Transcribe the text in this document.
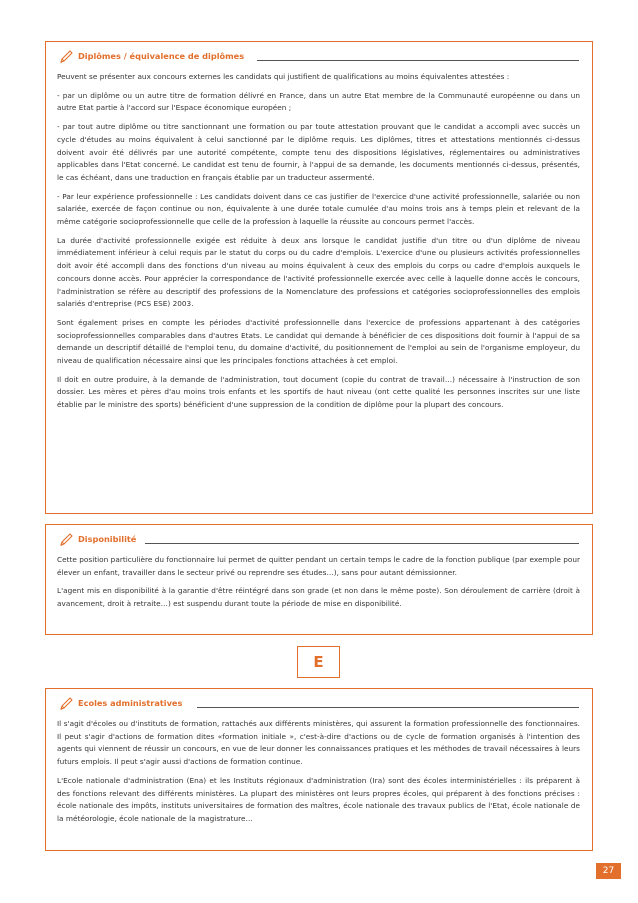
Diplômes / équivalence de diplômes

Peuvent se présenter aux concours externes les candidats qui justifient de qualifications au moins équivalentes attestées :

- par un diplôme ou un autre titre de formation délivré en France, dans un autre Etat membre de la Communauté européenne ou dans un autre Etat partie à l'accord sur l'Espace économique européen ;

- par tout autre diplôme ou titre sanctionnant une formation ou par toute attestation prouvant que le candidat a accompli avec succès un cycle d'études au moins équivalent à celui sanctionné par le diplôme requis. Les diplômes, titres et attestations mentionnés ci-dessus doivent avoir été délivrés par une autorité compétente, compte tenu des dispositions législatives, réglementaires ou administratives applicables dans l'Etat concerné. Le candidat est tenu de fournir, à l'appui de sa demande, les documents mentionnés ci-dessus, présentés, le cas échéant, dans une traduction en français établie par un traducteur assermenté.

- Par leur expérience professionnelle : Les candidats doivent dans ce cas justifier de l'exercice d'une activité professionnelle, salariée ou non salariée, exercée de façon continue ou non, équivalente à une durée totale cumulée d'au moins trois ans à temps plein et relevant de la même catégorie socioprofessionnelle que celle de la profession à laquelle la réussite au concours permet l'accès.

La durée d'activité professionnelle exigée est réduite à deux ans lorsque le candidat justifie d'un titre ou d'un diplôme de niveau immédiatement inférieur à celui requis par le statut du corps ou du cadre d'emplois. L'exercice d'une ou plusieurs activités professionnelles doit avoir été accompli dans des fonctions d'un niveau au moins équivalent à ceux des emplois du corps ou cadre d'emplois auxquels le concours donne accès. Pour apprécier la correspondance de l'activité professionnelle exercée avec celle à laquelle donne accès le concours, l'administration se réfère au descriptif des professions de la Nomenclature des professions et catégories socioprofessionnelles des emplois salariés d'entreprise (PCS ESE) 2003.

Sont également prises en compte les périodes d'activité professionnelle dans l'exercice de professions appartenant à des catégories socioprofessionnelles comparables dans d'autres Etats. Le candidat qui demande à bénéficier de ces dispositions doit fournir à l'appui de sa demande un descriptif détaillé de l'emploi tenu, du domaine d'activité, du positionnement de l'emploi au sein de l'organisme employeur, du niveau de qualification nécessaire ainsi que les principales fonctions attachées à cet emploi.

Il doit en outre produire, à la demande de l'administration, tout document (copie du contrat de travail…) nécessaire à l'instruction de son dossier. Les mères et pères d'au moins trois enfants et les sportifs de haut niveau (ont cette qualité les personnes inscrites sur une liste établie par le ministre des sports) bénéficient d'une suppression de la condition de diplôme pour la plupart des concours.

Disponibilité

Cette position particulière du fonctionnaire lui permet de quitter pendant un certain temps le cadre de la fonction publique (par exemple pour élever un enfant, travailler dans le secteur privé ou reprendre ses études…), sans pour autant démissionner.

L'agent mis en disponibilité à la garantie d'être réintégré dans son grade (et non dans le même poste). Son déroulement de carrière (droit à avancement, droit à retraite…) est suspendu durant toute la période de mise en disponibilité.

E
Ecoles administratives

Il s'agit d'écoles ou d'instituts de formation, rattachés aux différents ministères, qui assurent la formation professionnelle des fonctionnaires. Il peut s'agir d'actions de formation dites «formation initiale », c'est-à-dire d'actions ou de cycle de formation organisés à l'intention des agents qui viennent de réussir un concours, en vue de leur donner les connaissances pratiques et les méthodes de travail nécessaires à leurs futurs emplois. Il peut s'agir aussi d'actions de formation continue.

L'Ecole nationale d'administration (Ena) et les Instituts régionaux d'administration (Ira) sont des écoles interministérielles : ils préparent à des fonctions relevant des différents ministères. La plupart des ministères ont leurs propres écoles, qui préparent à des fonctions précises : école nationale des impôts, instituts universitaires de formation des maîtres, école nationale des travaux publics de l'Etat, école nationale de la météorologie, école nationale de la magistrature…

27
